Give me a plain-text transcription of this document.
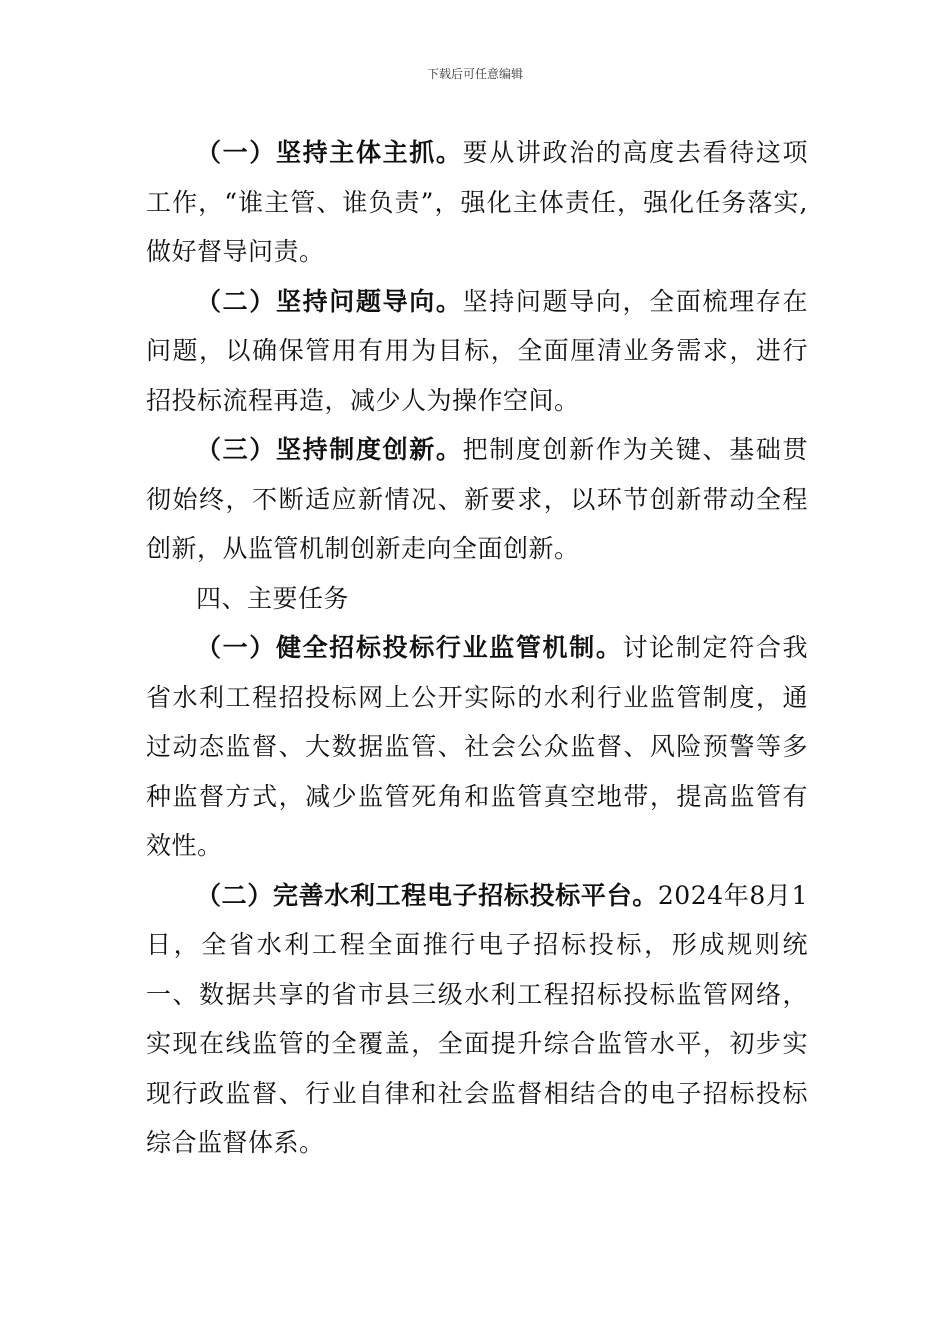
下载后可任意编辑

（一）坚持主体主抓。要从讲政治的高度去看待这项工作，“谁主管、谁负责”，强化主体责任，强化任务落实,做好督导问责。

（二）坚持问题导向。坚持问题导向，全面梳理存在问题，以确保管用有用为目标，全面厘清业务需求，进行招投标流程再造，减少人为操作空间。

（三）坚持制度创新。把制度创新作为关键、基础贯彻始终，不断适应新情况、新要求，以环节创新带动全程创新，从监管机制创新走向全面创新。

四、主要任务

（一）健全招标投标行业监管机制。讨论制定符合我省水利工程招投标网上公开实际的水利行业监管制度，通过动态监督、大数据监管、社会公众监督、风险预警等多种监督方式，减少监管死角和监管真空地带，提高监管有效性。

（二）完善水利工程电子招标投标平台。2024年8月1日，全省水利工程全面推行电子招标投标，形成规则统一、数据共享的省市县三级水利工程招标投标监管网络，实现在线监管的全覆盖，全面提升综合监管水平，初步实现行政监督、行业自律和社会监督相结合的电子招标投标综合监督体系。
